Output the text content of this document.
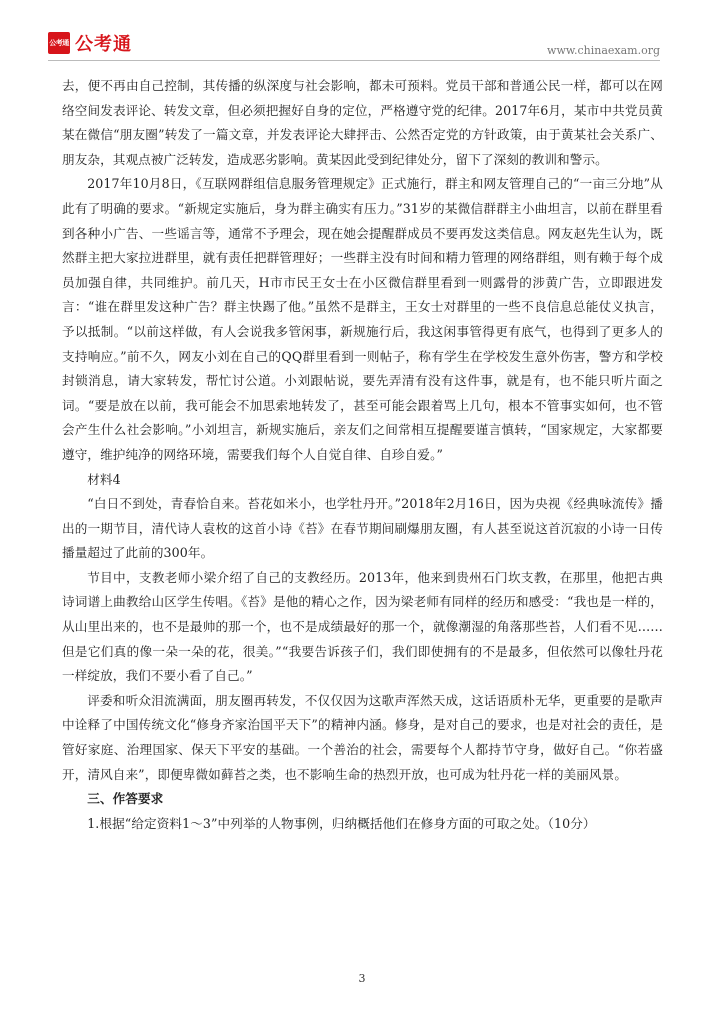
公考通 公考通	www.chinaexam.org

去，便不再由自己控制，其传播的纵深度与社会影响，都未可预料。党员干部和普通公民一样，都可以在网络空间发表评论、转发文章，但必须把握好自身的定位，严格遵守党的纪律。2017年6月，某市中共党员黄某在微信“朋友圈”转发了一篇文章，并发表评论大肆抨击、公然否定党的方针政策，由于黄某社会关系广、朋友杂，其观点被广泛转发，造成恶劣影响。黄某因此受到纪律处分，留下了深刻的教训和警示。

2017年10月8日，《互联网群组信息服务管理规定》正式施行，群主和网友管理自己的“一亩三分地”从此有了明确的要求。“新规定实施后，身为群主确实有压力。”31岁的某微信群群主小曲坦言，以前在群里看到各种小广告、一些谣言等，通常不予理会，现在她会提醒群成员不要再发这类信息。网友赵先生认为，既然群主把大家拉进群里，就有责任把群管理好；一些群主没有时间和精力管理的网络群组，则有赖于每个成员加强自律，共同维护。前几天，H市市民王女士在小区微信群里看到一则露骨的涉黄广告，立即跟进发言：“谁在群里发这种广告？群主快踢了他。”虽然不是群主，王女士对群里的一些不良信息总能仗义执言，予以抵制。“以前这样做，有人会说我多管闲事，新规施行后，我这闲事管得更有底气，也得到了更多人的支持响应。”前不久，网友小刘在自己的QQ群里看到一则帖子，称有学生在学校发生意外伤害，警方和学校封锁消息，请大家转发，帮忙讨公道。小刘跟帖说，要先弄清有没有这件事，就是有，也不能只听片面之词。“要是放在以前，我可能会不加思索地转发了，甚至可能会跟着骂上几句，根本不管事实如何，也不管会产生什么社会影响。”小刘坦言，新规实施后，亲友们之间常相互提醒要谨言慎转，“国家规定，大家都要遵守，维护纯净的网络环境，需要我们每个人自觉自律、自珍自爱。”

材料4

“白日不到处，青春恰自来。苔花如米小，也学牡丹开。”2018年2月16日，因为央视《经典咏流传》播出的一期节目，清代诗人袁枚的这首小诗《苔》在春节期间刷爆朋友圈，有人甚至说这首沉寂的小诗一日传播量超过了此前的300年。

节目中，支教老师小梁介绍了自己的支教经历。2013年，他来到贵州石门坎支教，在那里，他把古典诗词谱上曲教给山区学生传唱。《苔》是他的精心之作，因为梁老师有同样的经历和感受：“我也是一样的，从山里出来的，也不是最帅的那一个，也不是成绩最好的那一个，就像潮湿的角落那些苔，人们看不见……但是它们真的像一朵一朵的花，很美。”“我要告诉孩子们，我们即使拥有的不是最多，但依然可以像牡丹花一样绽放，我们不要小看了自己。”

评委和听众泪流满面，朋友圈再转发，不仅仅因为这歌声浑然天成，这话语质朴无华，更重要的是歌声中诠释了中国传统文化“修身齐家治国平天下”的精神内涵。修身，是对自己的要求，也是对社会的责任，是管好家庭、治理国家、保天下平安的基础。一个善治的社会，需要每个人都持节守身，做好自己。“你若盛开，清风自来”，即便卑微如藓苔之类，也不影响生命的热烈开放，也可成为牡丹花一样的美丽风景。

三、作答要求

1.根据“给定资料1～3”中列举的人物事例，归纳概括他们在修身方面的可取之处。（10分）

3
